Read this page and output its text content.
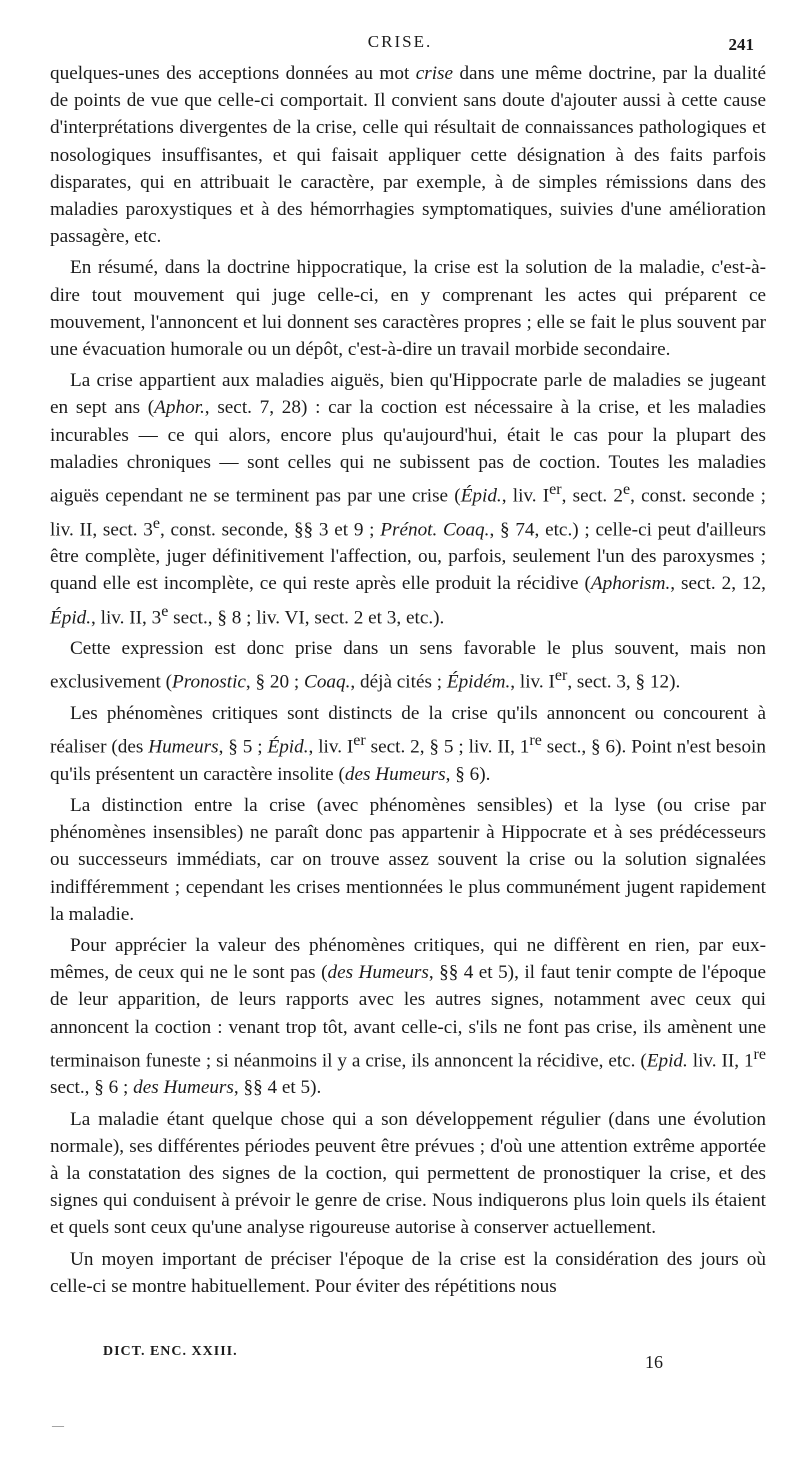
CRISE.	241

quelques-unes des acceptions données au mot crise dans une même doctrine, par la dualité de points de vue que celle-ci comportait. Il convient sans doute d'ajouter aussi à cette cause d'interprétations divergentes de la crise, celle qui résultait de connaissances pathologiques et nosologiques insuffisantes, et qui faisait appliquer cette désignation à des faits parfois disparates, qui en attribuait le caractère, par exemple, à de simples rémissions dans des maladies paroxystiques et à des hémorrhagies symptomatiques, suivies d'une amélioration passagère, etc.

En résumé, dans la doctrine hippocratique, la crise est la solution de la maladie, c'est-à-dire tout mouvement qui juge celle-ci, en y comprenant les actes qui préparent ce mouvement, l'annoncent et lui donnent ses caractères propres ; elle se fait le plus souvent par une évacuation humorale ou un dépôt, c'est-à-dire un travail morbide secondaire.

La crise appartient aux maladies aiguës, bien qu'Hippocrate parle de maladies se jugeant en sept ans (Aphor., sect. 7, 28) : car la coction est nécessaire à la crise, et les maladies incurables — ce qui alors, encore plus qu'aujourd'hui, était le cas pour la plupart des maladies chroniques — sont celles qui ne subissent pas de coction. Toutes les maladies aiguës cependant ne se terminent pas par une crise (Épid., liv. Ier, sect. 2e, const. seconde ; liv. II, sect. 3e, const. seconde, §§ 3 et 9 ; Prénot. Coaq., § 74, etc.) ; celle-ci peut d'ailleurs être complète, juger définitivement l'affection, ou, parfois, seulement l'un des paroxysmes ; quand elle est incomplète, ce qui reste après elle produit la récidive (Aphorism., sect. 2, 12, Épid., liv. II, 3e sect., § 8 ; liv. VI, sect. 2 et 3, etc.).

Cette expression est donc prise dans un sens favorable le plus souvent, mais non exclusivement (Pronostic, § 20 ; Coaq., déjà cités ; Épidém., liv. Ier, sect. 3, § 12).

Les phénomènes critiques sont distincts de la crise qu'ils annoncent ou concourent à réaliser (des Humeurs, § 5 ; Épid., liv. Ier sect. 2, § 5 ; liv. II, 1re sect., § 6). Point n'est besoin qu'ils présentent un caractère insolite (des Humeurs, § 6).

La distinction entre la crise (avec phénomènes sensibles) et la lyse (ou crise par phénomènes insensibles) ne paraît donc pas appartenir à Hippocrate et à ses prédécesseurs ou successeurs immédiats, car on trouve assez souvent la crise ou la solution signalées indifféremment ; cependant les crises mentionnées le plus communément jugent rapidement la maladie.

Pour apprécier la valeur des phénomènes critiques, qui ne diffèrent en rien, par eux-mêmes, de ceux qui ne le sont pas (des Humeurs, §§ 4 et 5), il faut tenir compte de l'époque de leur apparition, de leurs rapports avec les autres signes, notamment avec ceux qui annoncent la coction : venant trop tôt, avant celle-ci, s'ils ne font pas crise, ils amènent une terminaison funeste ; si néanmoins il y a crise, ils annoncent la récidive, etc. (Epid. liv. II, 1re sect., § 6 ; des Humeurs, §§ 4 et 5).

La maladie étant quelque chose qui a son développement régulier (dans une évolution normale), ses différentes périodes peuvent être prévues ; d'où une attention extrême apportée à la constatation des signes de la coction, qui permettent de pronostiquer la crise, et des signes qui conduisent à prévoir le genre de crise. Nous indiquerons plus loin quels ils étaient et quels sont ceux qu'une analyse rigoureuse autorise à conserver actuellement.

Un moyen important de préciser l'époque de la crise est la considération des jours où celle-ci se montre habituellement. Pour éviter des répétitions nous

DICT. ENC. XXIII.
16
––
